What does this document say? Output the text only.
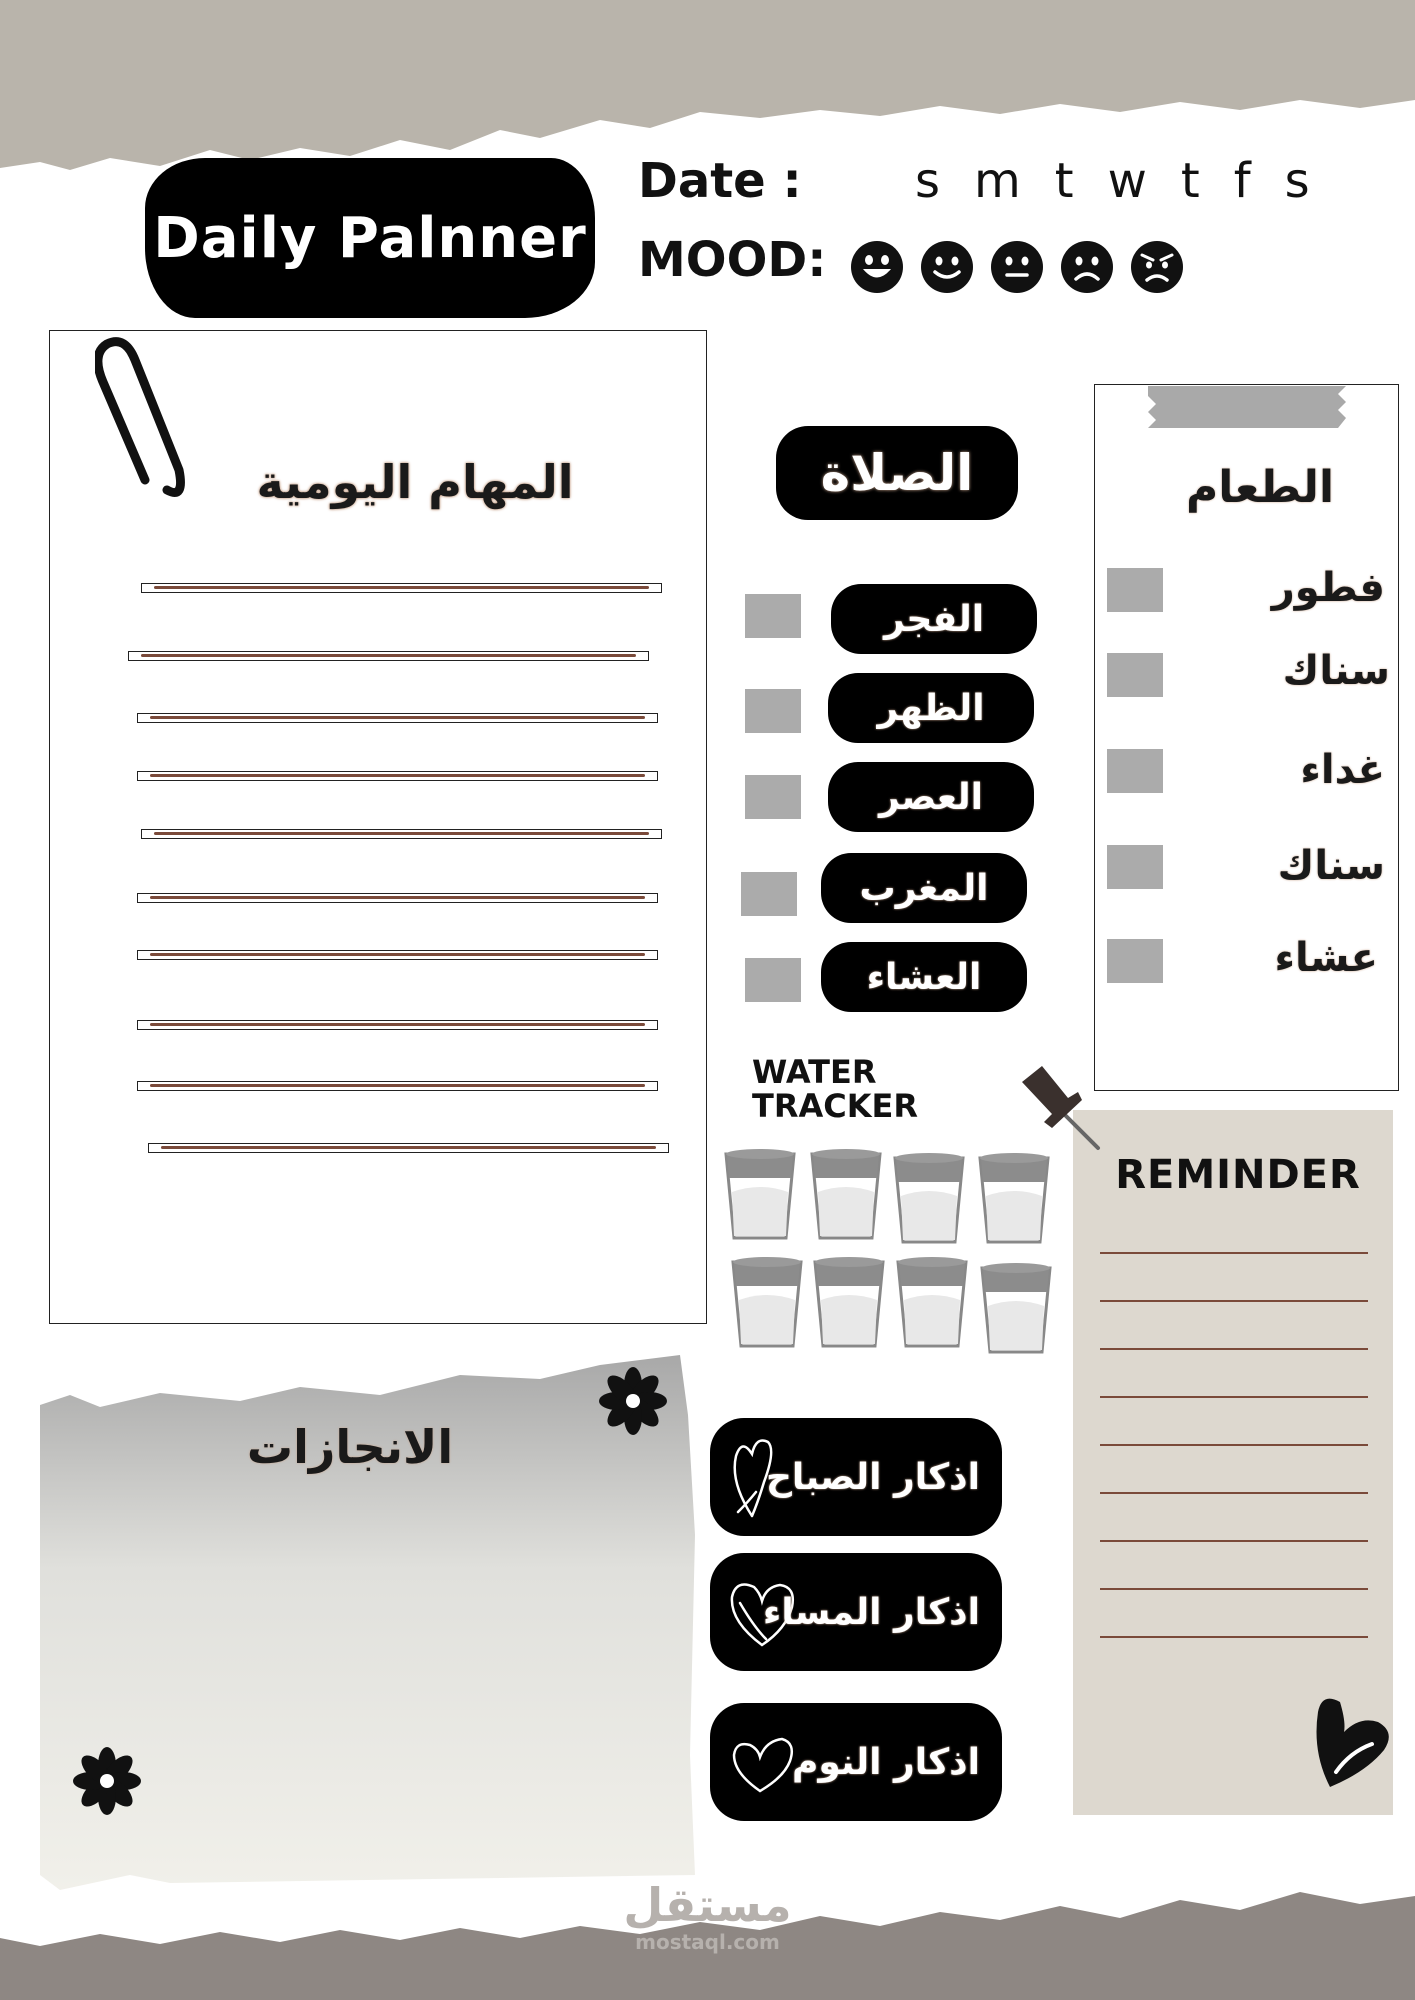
Daily Palnner
Date : s m t w t f s
MOOD:
المهام اليومية	الصلاة
الفجر
الظهر
العصر
المغرب
العشاء
الطعام
فطور
سناك
غداء
سناك
عشاء
WATER
TRACKER
REMINDER
الانجازات
اذكار الصباح
اذكار المساء
اذكار النوم
مستقل
mostaql.com
